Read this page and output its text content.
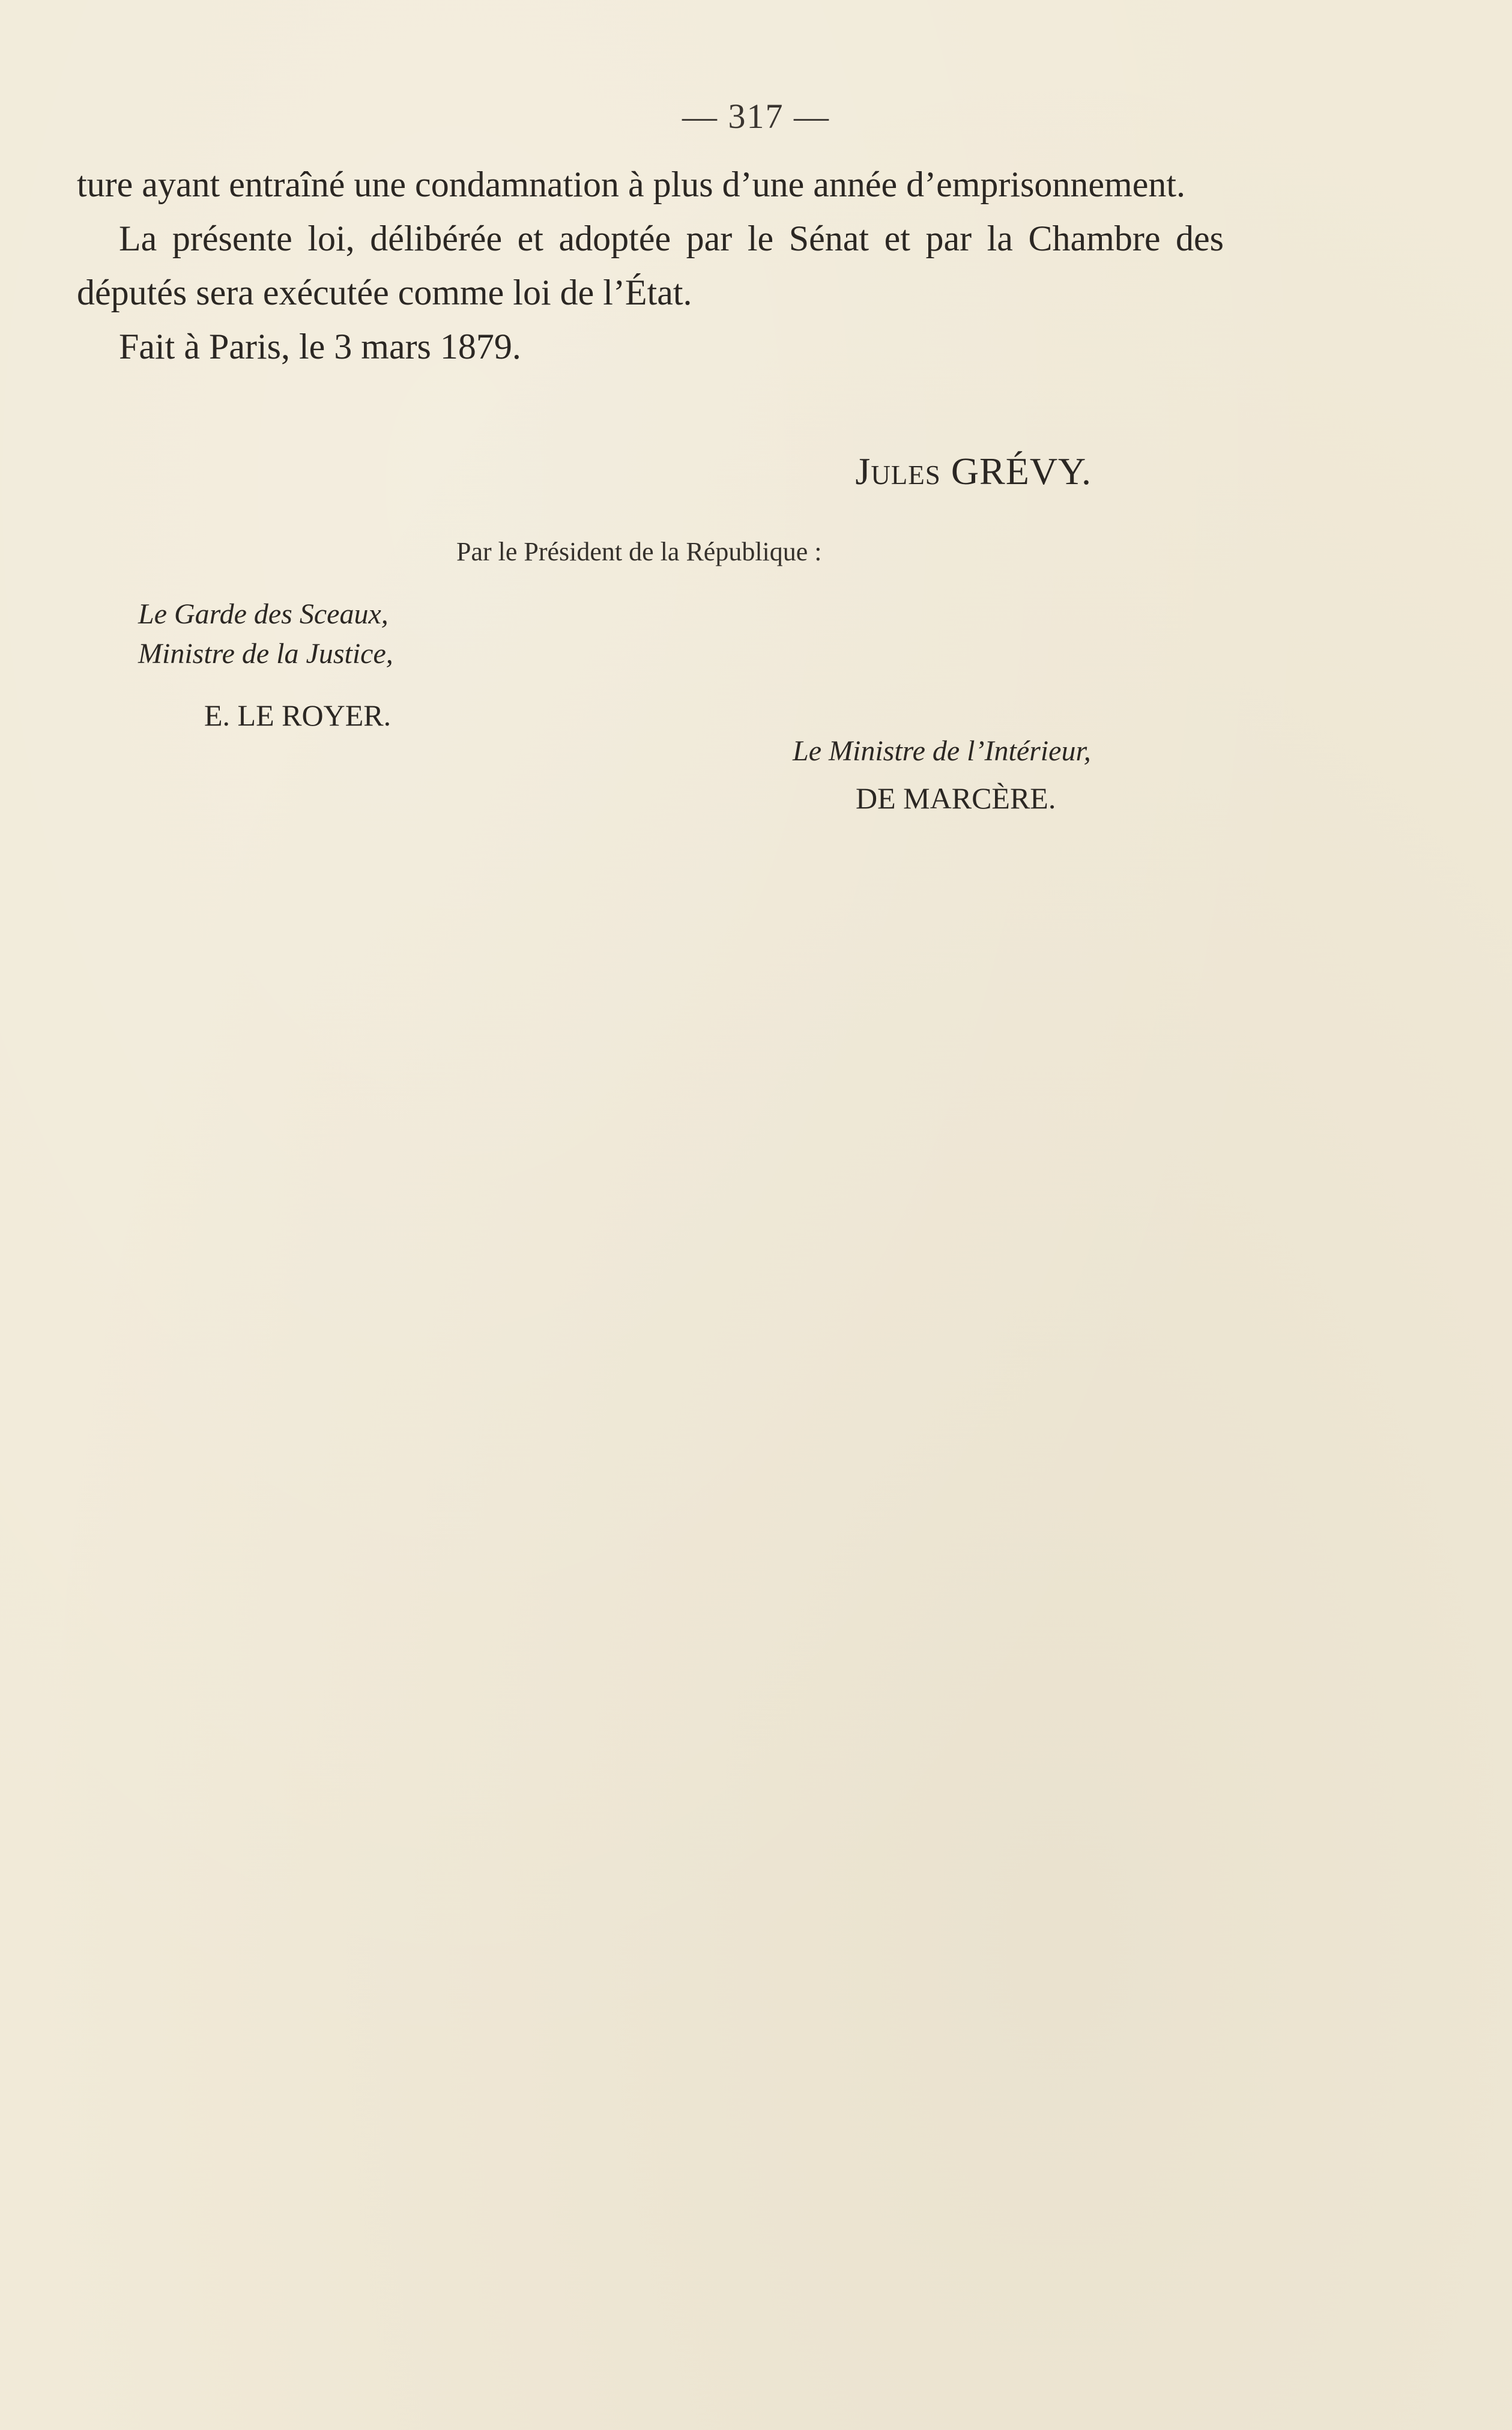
— 317 —

ture ayant entraîné une condamnation à plus d’une année d’emprisonnement.

La présente loi, délibérée et adoptée par le Sénat et par la Chambre des députés sera exécutée comme loi de l’État.

Fait à Paris, le 3 mars 1879.

Jules GRÉVY.
Par le Président de la République :
Le Garde des Sceaux,
Ministre de la Justice,
E. LE ROYER.
Le Ministre de l’Intérieur,
DE MARCÈRE.
